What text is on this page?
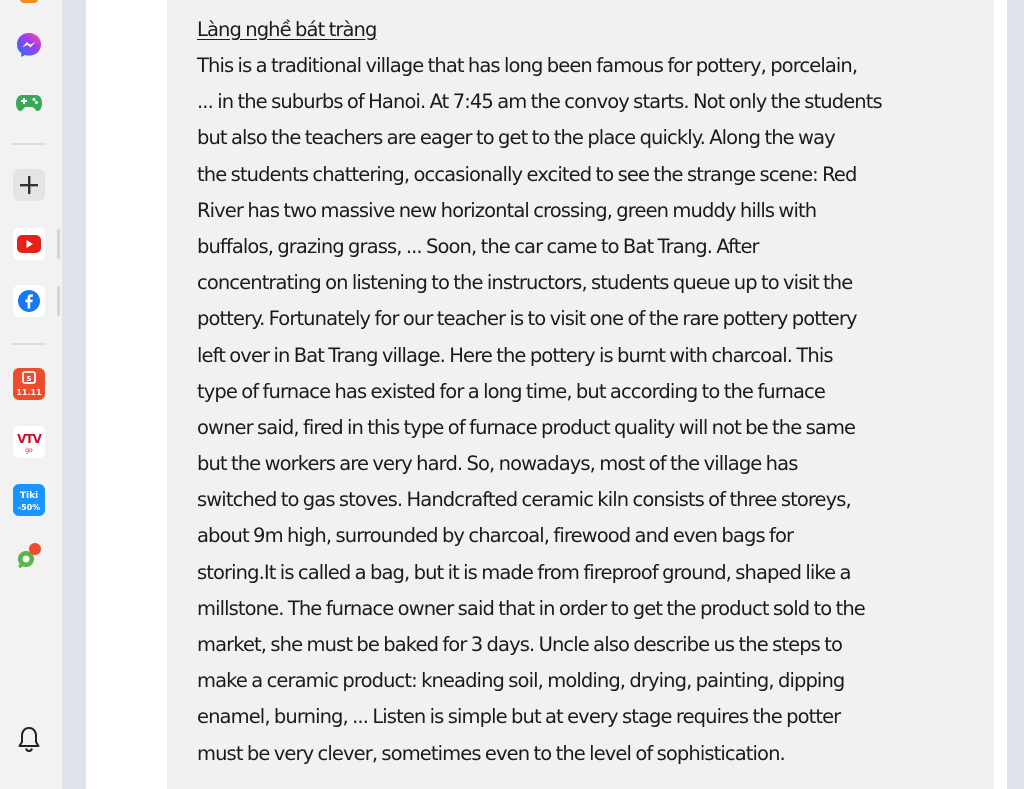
S
11.11
VTV
go
Tiki
-50%
Làng nghề bát tràng
This is a traditional village that has long been famous for pottery, porcelain,
... in the suburbs of Hanoi. At 7:45 am the convoy starts. Not only the students
but also the teachers are eager to get to the place quickly. Along the way
the students chattering, occasionally excited to see the strange scene: Red
River has two massive new horizontal crossing, green muddy hills with
buffalos, grazing grass, ... Soon, the car came to Bat Trang. After
concentrating on listening to the instructors, students queue up to visit the
pottery. Fortunately for our teacher is to visit one of the rare pottery pottery
left over in Bat Trang village. Here the pottery is burnt with charcoal. This
type of furnace has existed for a long time, but according to the furnace
owner said, fired in this type of furnace product quality will not be the same
but the workers are very hard. So, nowadays, most of the village has
switched to gas stoves. Handcrafted ceramic kiln consists of three storeys,
about 9m high, surrounded by charcoal, firewood and even bags for
storing.It is called a bag, but it is made from fireproof ground, shaped like a
millstone. The furnace owner said that in order to get the product sold to the
market, she must be baked for 3 days. Uncle also describe us the steps to
make a ceramic product: kneading soil, molding, drying, painting, dipping
enamel, burning, ... Listen is simple but at every stage requires the potter
must be very clever, sometimes even to the level of sophistication.
